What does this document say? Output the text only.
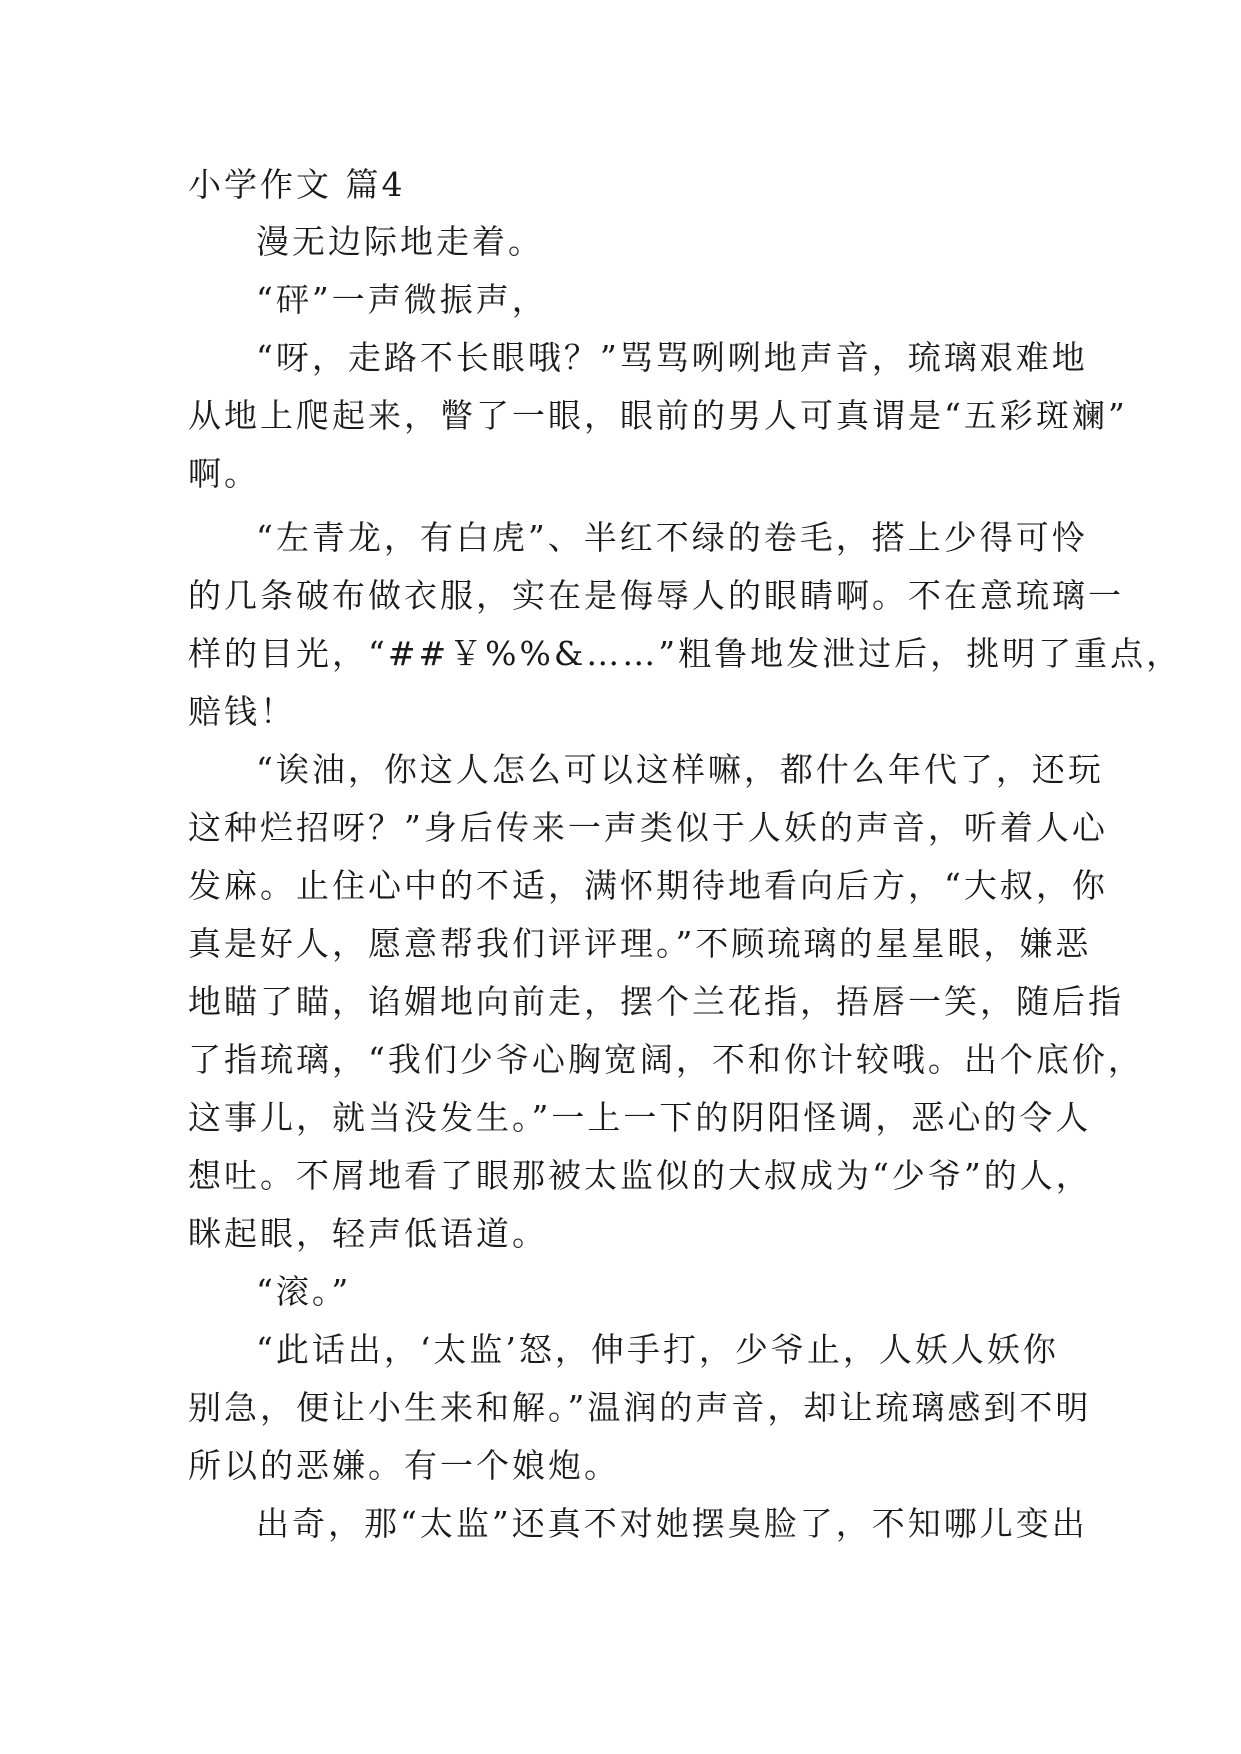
小学作文 篇4
漫无边际地走着。
“砰”一声微振声，
“呀，走路不长眼哦？”骂骂咧咧地声音，琉璃艰难地
从地上爬起来，瞥了一眼，眼前的男人可真谓是“五彩斑斓”
啊。
“左青龙，有白虎”、半红不绿的卷毛，搭上少得可怜
的几条破布做衣服，实在是侮辱人的眼睛啊。不在意琉璃一
样的目光，“##￥%%&……”粗鲁地发泄过后，挑明了重点，
赔钱！
“诶油，你这人怎么可以这样嘛，都什么年代了，还玩
这种烂招呀？”身后传来一声类似于人妖的声音，听着人心
发麻。止住心中的不适，满怀期待地看向后方，“大叔，你
真是好人，愿意帮我们评评理。”不顾琉璃的星星眼，嫌恶
地瞄了瞄，谄媚地向前走，摆个兰花指，捂唇一笑，随后指
了指琉璃，“我们少爷心胸宽阔，不和你计较哦。出个底价，
这事儿，就当没发生。”一上一下的阴阳怪调，恶心的令人
想吐。不屑地看了眼那被太监似的大叔成为“少爷”的人，
眯起眼，轻声低语道。
“滚。”
“此话出，‘太监’怒，伸手打，少爷止，人妖人妖你
别急，便让小生来和解。”温润的声音，却让琉璃感到不明
所以的恶嫌。有一个娘炮。
出奇，那“太监”还真不对她摆臭脸了，不知哪儿变出
